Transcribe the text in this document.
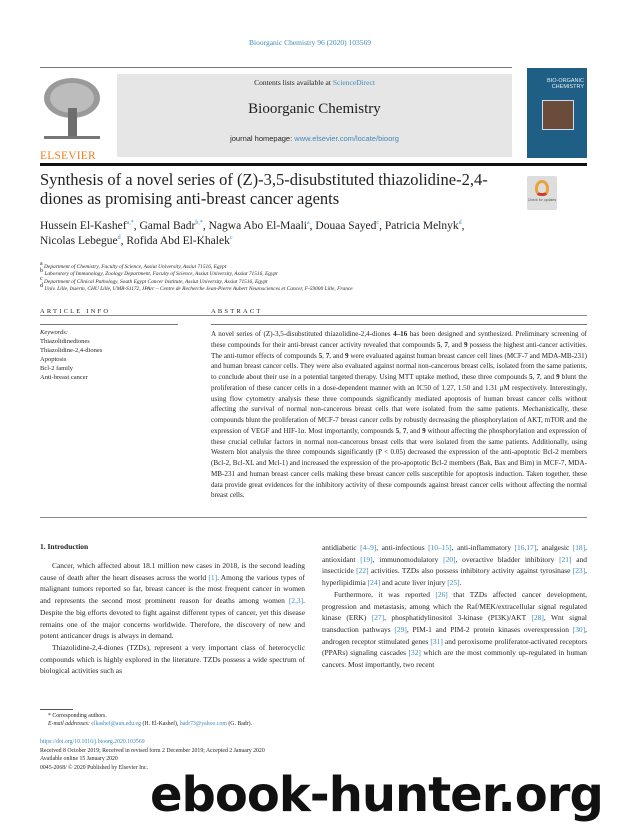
Bioorganic Chemistry 96 (2020) 103569
ELSEVIER
Contents lists available at ScienceDirect
Bioorganic Chemistry
journal homepage: www.elsevier.com/locate/bioorg
BIO-ORGANIC CHEMISTRY
Synthesis of a novel series of (Z)-3,5-disubstituted thiazolidine-2,4-diones as promising anti-breast cancer agents	Check for updates
Hussein El-Kashef$^{a,*}$, Gamal Badr$^{b,*}$, Nagwa Abo El-Maali$^a$, Douaa Sayed$^c$, Patricia Melnyk$^d$,
Nicolas Lebegue$^d$, Rofida Abd El-Khalek$^c$
$^a$ Department of Chemistry, Faculty of Science, Assiut University, Assiut 71516, Egypt
$^b$ Laboratory of Immunology, Zoology Department, Faculty of Science, Assiut University, Assiut 71516, Egypt
$^c$ Department of Clinical Pathology, South Egypt Cancer Institute, Assiut University, Assiut 71516, Egypt
$^d$ Univ. Lille, Inserm, CHU Lille, UMR-S1172, JPArc – Centre de Recherche Jean-Pierre Aubert Neurosciences et Cancer, F-59000 Lille, France
ARTICLE INFO
Keywords:
Thiazolidinediones
Thiazolidine-2,4-diones
Apoptosis
Bcl-2 family
Anti-breast cancer
ABSTRACT
A novel series of (Z)-3,5-disubstituted thiazolidine-2,4-diones 4–16 has been designed and synthesized. Preliminary screening of these compounds for their anti-breast cancer activity revealed that compounds 5, 7, and 9 possess the highest anti-cancer activities. The anti-tumor effects of compounds 5, 7, and 9 were evaluated against human breast cancer cell lines (MCF-7 and MDA-MB-231) and human breast cancer cells. They were also evaluated against normal non-cancerous breast cells, isolated from the same patients, to conclude about their use in a potential targeted therapy. Using MTT uptake method, these three compounds 5, 7, and 9 blunt the proliferation of these cancer cells in a dose-dependent manner with an IC50 of 1.27, 1.50 and 1.31 μM respectively. Interestingly, using flow cytometry analysis these three compounds significantly mediated apoptosis of human breast cancer cells without affecting the survival of normal non-cancerous breast cells that were isolated from the same patients. Mechanistically, these compounds blunt the proliferation of MCF-7 breast cancer cells by robustly decreasing the phosphorylation of AKT, mTOR and the expression of VEGF and HIF-1α. Most importantly, compounds 5, 7, and 9 without affecting the phosphorylation and expression of these crucial cellular factors in normal non-cancerous breast cells that were isolated from the same patients. Additionally, using Western blot analysis the three compounds significantly (P < 0.05) decreased the expression of the anti-apoptotic Bcl-2 members (Bcl-2, Bcl-XL and Mcl-1) and increased the expression of the pro-apoptotic Bcl-2 members (Bak, Bax and Bim) in MCF-7, MDA-MB-231 and human breast cancer cells making these breast cancer cells susceptible for apoptosis induction. Taken together, these data provide great evidences for the inhibitory activity of these compounds against breast cancer cells without affecting the normal breast cells.
1. Introduction

Cancer, which affected about 18.1 million new cases in 2018, is the second leading cause of death after the heart diseases across the world [1]. Among the various types of malignant tumors reported so far, breast cancer is the most frequent cancer in women and represents the second most prominent reason for deaths among women [2,3]. Despite the big efforts devoted to fight against different types of cancer, yet this disease remains one of the major concerns worldwide. Therefore, the discovery of new and potent anticancer drugs is always in demand.

Thiazolidine-2,4-diones (TZDs), represent a very important class of heterocyclic compounds which is highly explored in the literature. TZDs possess a wide spectrum of biological activities such as

antidiabetic [4–9], anti-infectious [10–15], anti-inflammatory [16,17], analgesic [18], antioxidant [19], immunomodulatory [20], overactive bladder inhibitory [21] and insecticide [22] activities. TZDs also possess inhibitory activity against tyrosinase [23], hyperlipidimia [24] and acute liver injury [25].

Furthermore, it was reported [26] that TZDs affected cancer development, progression and metastasis, among which the Raf/MEK/extracellular signal regulated kinase (ERK) [27], phosphatidylinositol 3-kinase (PI3K)/AKT [28], Wnt signal transduction pathways [29], PIM-1 and PIM-2 protein kinases overexpression [30], androgen receptor stimulated genes [31] and peroxisome proliferator-activated receptors (PPARs) signaling cascades [32] which are the most commonly up-regulated in human cancers. Most importantly, two recent

* Corresponding authors.
E-mail addresses: elkashef@aun.edu.eg (H. El-Kashef), badr73@yahoo.com (G. Badr).
https://doi.org/10.1016/j.bioorg.2020.103569
Received 8 October 2019; Received in revised form 2 December 2019; Accepted 2 January 2020
Available online 15 January 2020
0045-2068/ © 2020 Published by Elsevier Inc. ebook-hunter.org
